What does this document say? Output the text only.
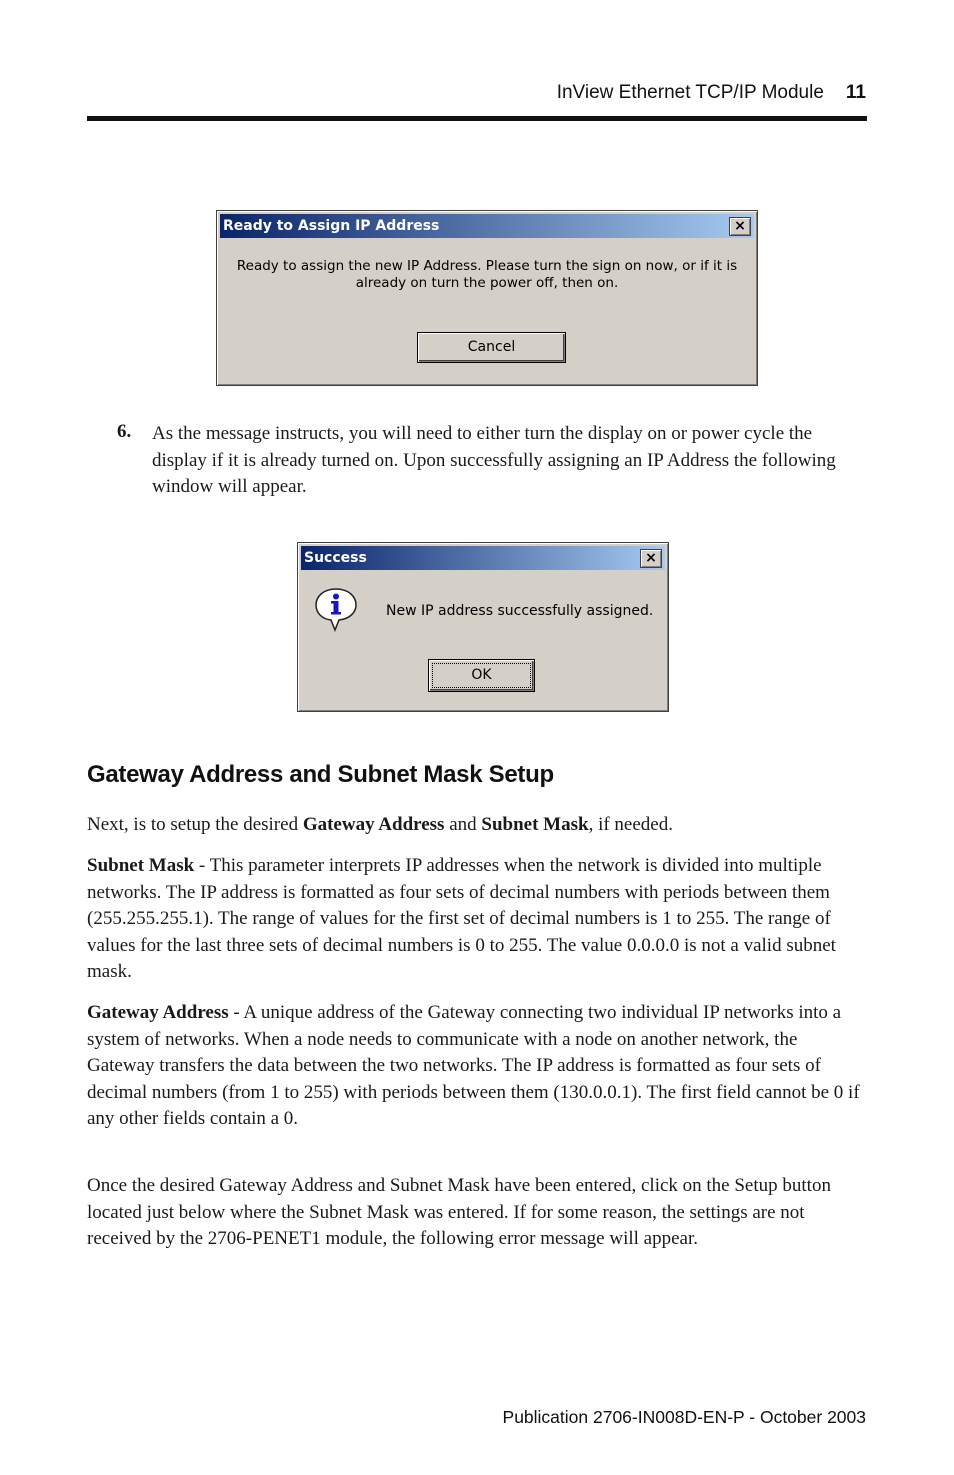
InView Ethernet TCP/IP Module 11
Ready to Assign IP Address	×
Ready to assign the new IP Address. Please turn the sign on now, or if it is
already on turn the power off, then on.
Cancel
6. As the message instructs, you will need to either turn the display on or power cycle the display if it is already turned on. Upon successfully assigning an IP Address the following window will appear.
Success	×
New IP address successfully assigned.
OK
Gateway Address and Subnet Mask Setup
Next, is to setup the desired Gateway Address and Subnet Mask, if needed.
Subnet Mask - This parameter interprets IP addresses when the network is divided into multiple networks. The IP address is formatted as four sets of decimal numbers with periods between them (255.255.255.1). The range of values for the first set of decimal numbers is 1 to 255. The range of values for the last three sets of decimal numbers is 0 to 255. The value 0.0.0.0 is not a valid subnet mask.
Gateway Address - A unique address of the Gateway connecting two individual IP networks into a system of networks. When a node needs to communicate with a node on another network, the Gateway transfers the data between the two networks. The IP address is formatted as four sets of decimal numbers (from 1 to 255) with periods between them (130.0.0.1). The first field cannot be 0 if any other fields contain a 0.
Once the desired Gateway Address and Subnet Mask have been entered, click on the Setup button located just below where the Subnet Mask was entered. If for some reason, the settings are not received by the 2706-PENET1 module, the following error message will appear.
Publication 2706-IN008D-EN-P - October 2003
